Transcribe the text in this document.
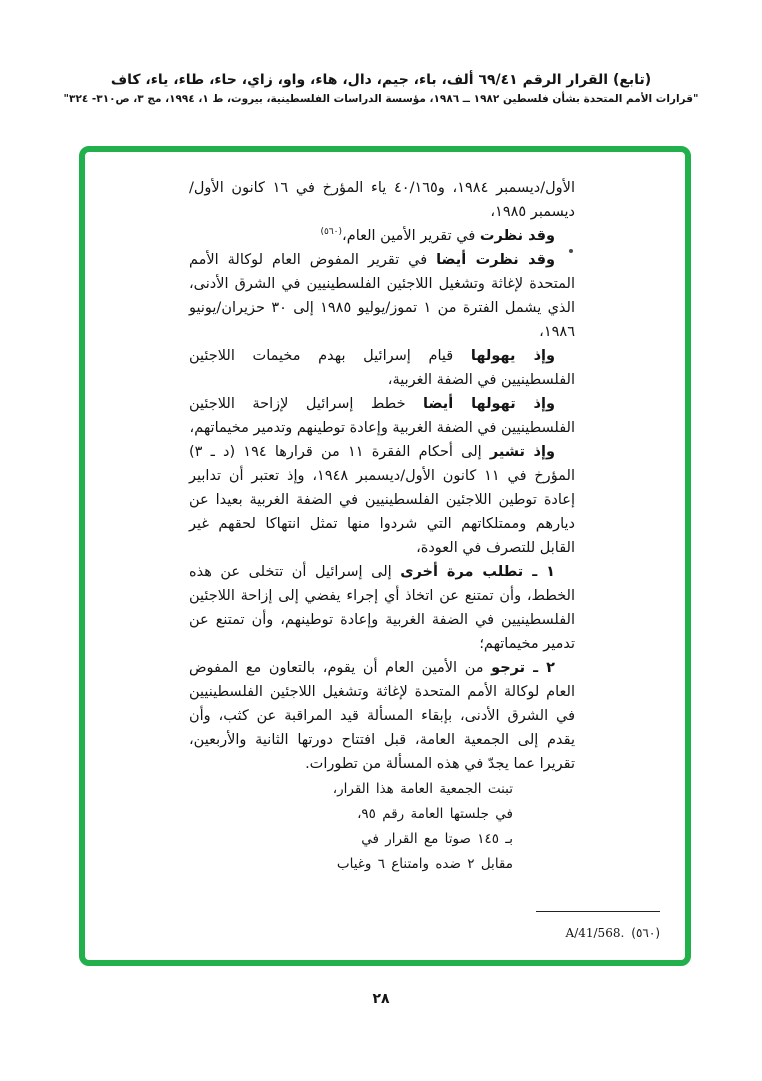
(تابع) القرار الرقم ٦٩/٤١ ألف، باء، جيم، دال، هاء، واو، زاي، حاء، طاء، ياء، كاف
"قرارات الأمم المتحدة بشأن فلسطين ١٩٨٢ ــ ١٩٨٦، مؤسسة الدراسات الفلسطينية، بيروت، ط ١، ١٩٩٤، مج ٣، ص٣١٠- ٣٢٤"

الأول/ديسمبر ١٩٨٤، و٤٠/١٦٥ ياء المؤرخ في ١٦ كانون الأول/ديسمبر ١٩٨٥،

وقد نظرت في تقرير الأمين العام،$^{(٥٦٠)}$

وقد نظرت أيضا في تقرير المفوض العام لوكالة الأمم المتحدة لإغاثة وتشغيل اللاجئين الفلسطينيين في الشرق الأدنى، الذي يشمل الفترة من ١ تموز/يوليو ١٩٨٥ إلى ٣٠ حزيران/يونيو ١٩٨٦،

وإذ يهولها قيام إسرائيل بهدم مخيمات اللاجئين الفلسطينيين في الضفة الغربية،

وإذ تهولها أيضا خطط إسرائيل لإزاحة اللاجئين الفلسطينيين في الضفة الغربية وإعادة توطينهم وتدمير مخيماتهم،

وإذ تشير إلى أحكام الفقرة ١١ من قرارها ١٩٤ (د ـ ٣) المؤرخ في ١١ كانون الأول/ديسمبر ١٩٤٨، وإذ تعتبر أن تدابير إعادة توطين اللاجئين الفلسطينيين في الضفة الغربية بعيدا عن ديارهم وممتلكاتهم التي شردوا منها تمثل انتهاكا لحقهم غير القابل للتصرف في العودة،

١ ـ تطلب مرة أخرى إلى إسرائيل أن تتخلى عن هذه الخطط، وأن تمتنع عن اتخاذ أي إجراء يفضي إلى إزاحة اللاجئين الفلسطينيين في الضفة الغربية وإعادة توطينهم، وأن تمتنع عن تدمير مخيماتهم؛

٢ ـ ترجو من الأمين العام أن يقوم، بالتعاون مع المفوض العام لوكالة الأمم المتحدة لإغاثة وتشغيل اللاجئين الفلسطينيين في الشرق الأدنى، بإبقاء المسألة قيد المراقبة عن كثب، وأن يقدم إلى الجمعية العامة، قبل افتتاح دورتها الثانية والأربعين، تقريرا عما يجدّ في هذه المسألة من تطورات.

تبنت الجمعية العامة هذا القرار،
في جلستها العامة رقم ٩٥،
بـ ١٤٥ صوتا مع القرار في
مقابل ٢ ضده وامتناع ٦ وغياب
(٥٦٠)A/41/568.
٢٨
